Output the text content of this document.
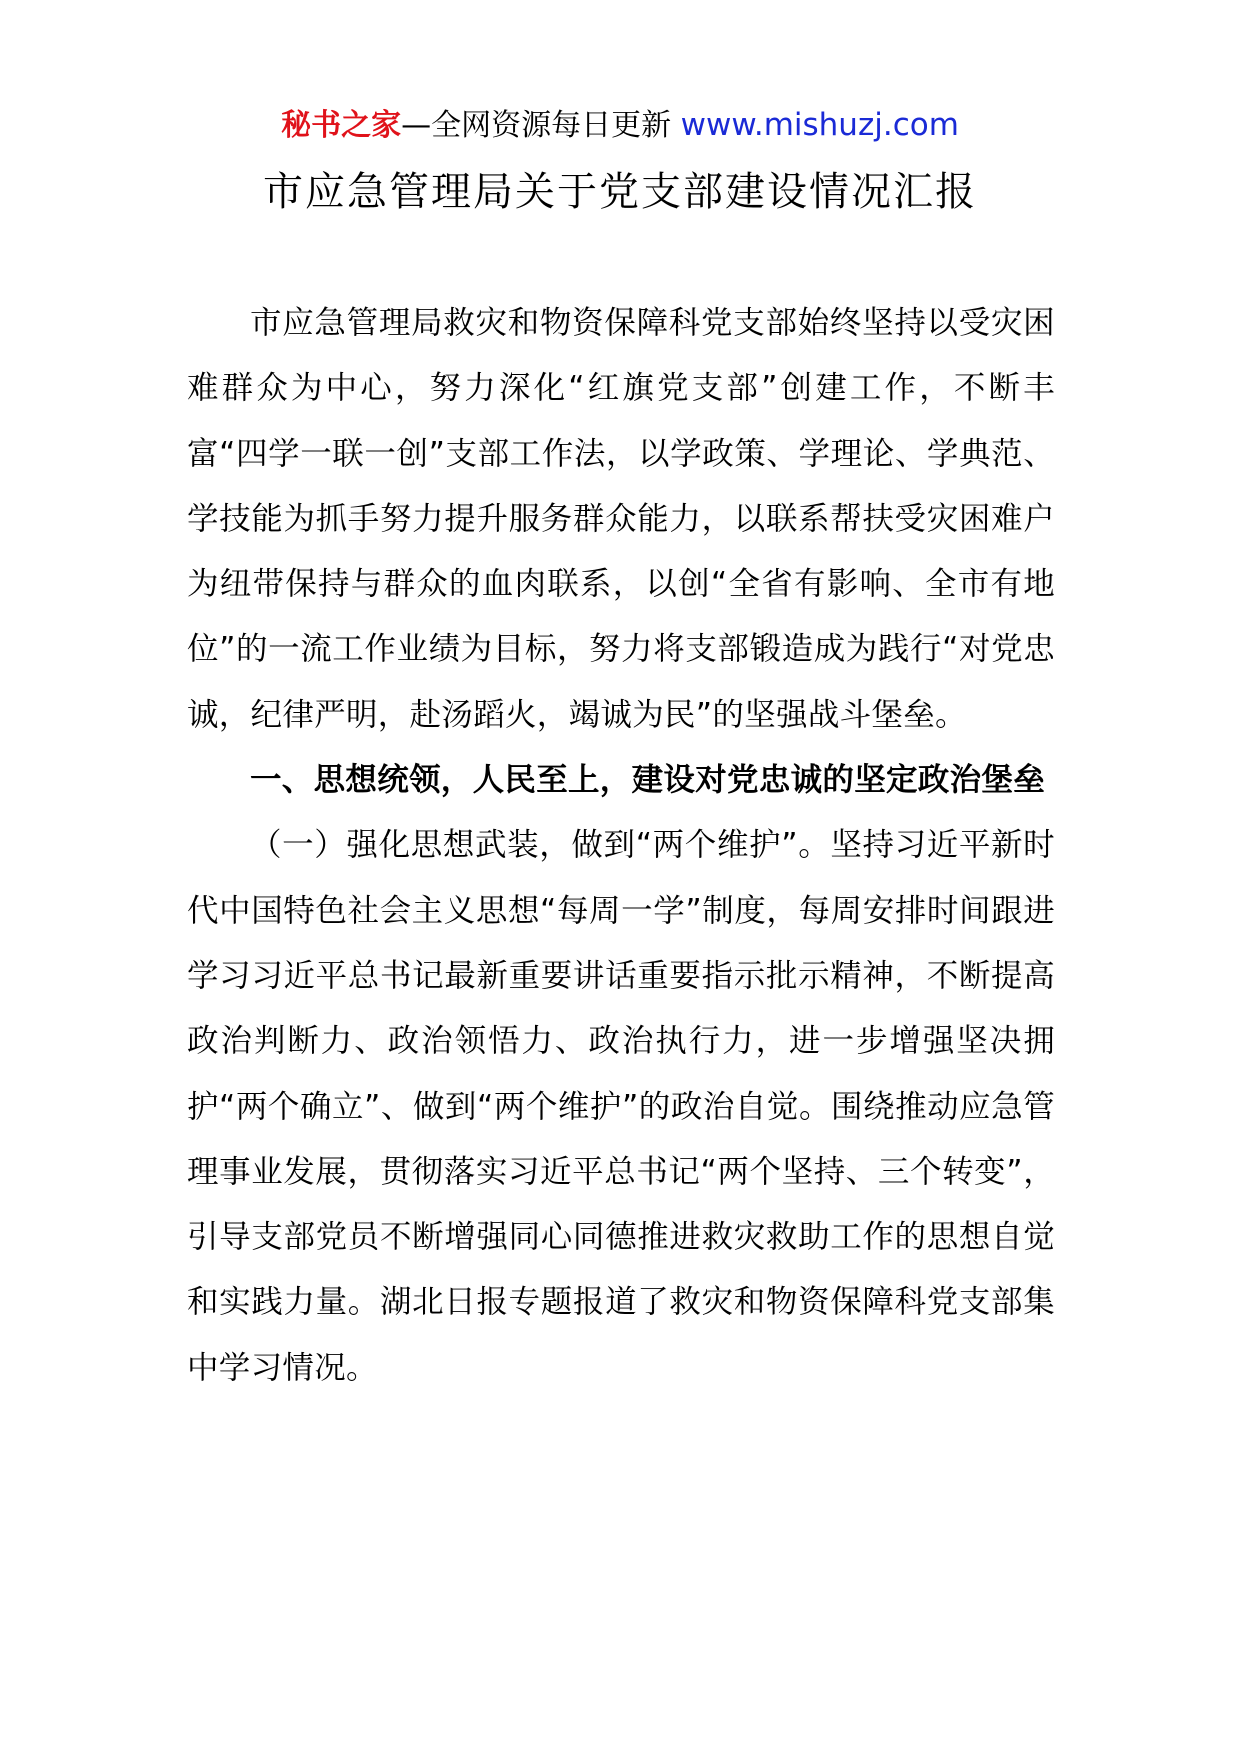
秘书之家—全网资源每日更新 www.mishuzj.com
市应急管理局关于党支部建设情况汇报

市应急管理局救灾和物资保障科党支部始终坚持以受灾困难群众为中心，努力深化“红旗党支部”创建工作，不断丰富“四学一联一创”支部工作法，以学政策、学理论、学典范、学技能为抓手努力提升服务群众能力，以联系帮扶受灾困难户为纽带保持与群众的血肉联系，以创“全省有影响、全市有地位”的一流工作业绩为目标，努力将支部锻造成为践行“对党忠诚，纪律严明，赴汤蹈火，竭诚为民”的坚强战斗堡垒。

一、思想统领，人民至上，建设对党忠诚的坚定政治堡垒

（一）强化思想武装，做到“两个维护”。坚持习近平新时代中国特色社会主义思想“每周一学”制度，每周安排时间跟进学习习近平总书记最新重要讲话重要指示批示精神，不断提高政治判断力、政治领悟力、政治执行力，进一步增强坚决拥护“两个确立”、做到“两个维护”的政治自觉。围绕推动应急管理事业发展，贯彻落实习近平总书记“两个坚持、三个转变”，引导支部党员不断增强同心同德推进救灾救助工作的思想自觉和实践力量。湖北日报专题报道了救灾和物资保障科党支部集中学习情况。
